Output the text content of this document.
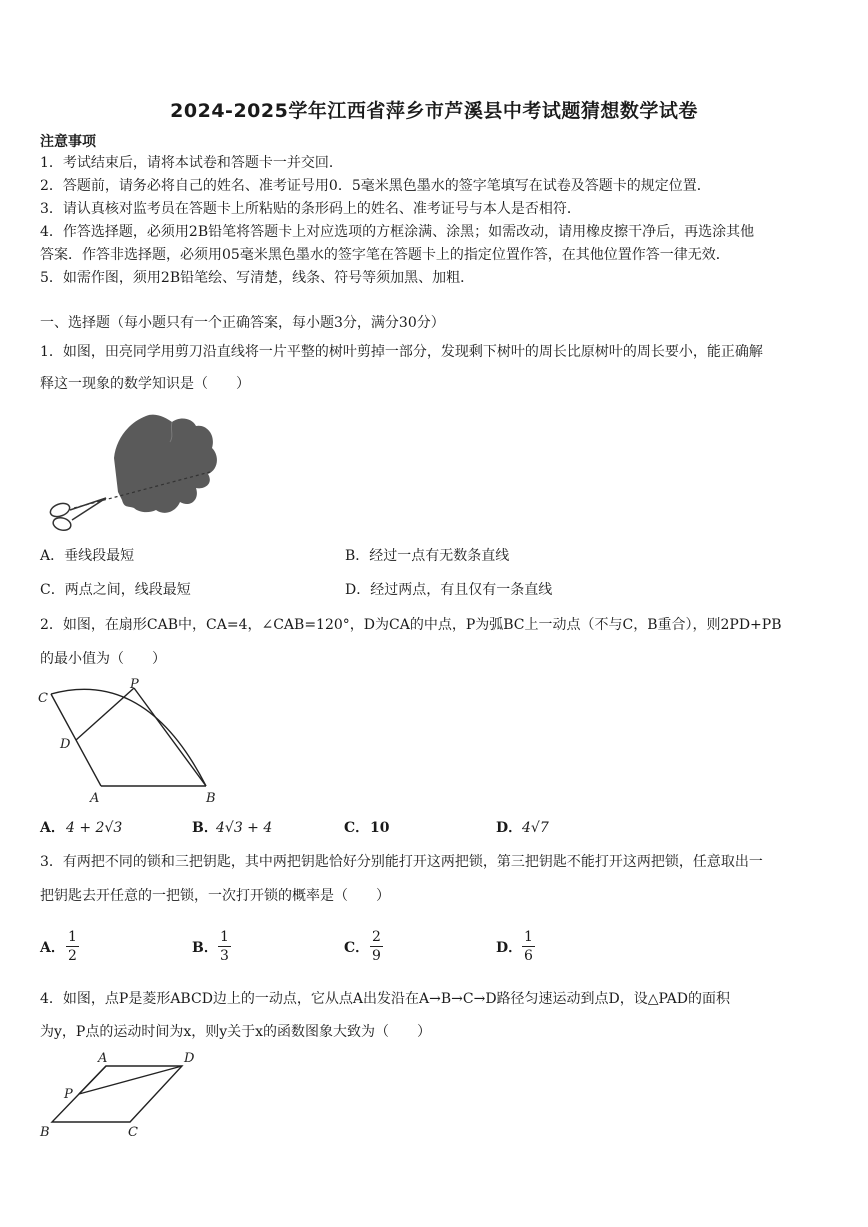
2024-2025学年江西省萍乡市芦溪县中考试题猜想数学试卷
注意事项
1．考试结束后，请将本试卷和答题卡一并交回．
2．答题前，请务必将自己的姓名、准考证号用0．5毫米黑色墨水的签字笔填写在试卷及答题卡的规定位置．
3．请认真核对监考员在答题卡上所粘贴的条形码上的姓名、准考证号与本人是否相符．
4．作答选择题，必须用2B铅笔将答题卡上对应选项的方框涂满、涂黑；如需改动，请用橡皮擦干净后，再选涂其他
答案．作答非选择题，必须用05毫米黑色墨水的签字笔在答题卡上的指定位置作答，在其他位置作答一律无效．
5．如需作图，须用2B铅笔绘、写清楚，线条、符号等须加黑、加粗．
一、选择题（每小题只有一个正确答案，每小题3分，满分30分）
1．如图，田亮同学用剪刀沿直线将一片平整的树叶剪掉一部分，发现剩下树叶的周长比原树叶的周长要小，能正确解
释这一现象的数学知识是（　　）
A．垂线段最短	B．经过一点有无数条直线
C．两点之间，线段最短	D．经过两点，有且仅有一条直线
2．如图，在扇形CAB中，CA=4，∠CAB=120°，D为CA的中点，P为弧BC上一动点（不与C，B重合），则2PD+PB
的最小值为（　　）
C
P
D
A	B
A． 4 + 2√3	B．
4√3 + 4	C． 10	D． 4√7
3．有两把不同的锁和三把钥匙，其中两把钥匙恰好分别能打开这两把锁，第三把钥匙不能打开这两把锁，任意取出一
把钥匙去开任意的一把锁，一次打开锁的概率是（　　）
A．
1
2	B．
1
3	C．
2
9	D．
1
6
4．如图，点P是菱形ABCD边上的一动点，它从点A出发沿在A→B→C→D路径匀速运动到点D，设△PAD的面积
为y，P点的运动时间为x，则y关于x的函数图象大致为（　　）
A	D
P
B	C
